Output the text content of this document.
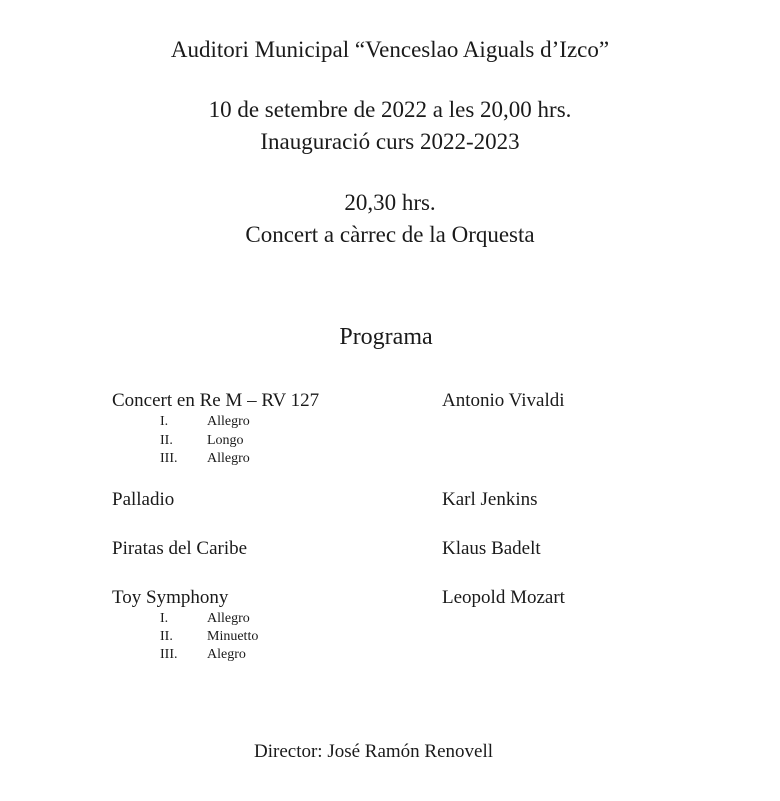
Auditori Municipal “Venceslao Aiguals d’Izco”
10 de setembre de 2022 a les 20,00 hrs.
Inauguració curs 2022-2023
20,30 hrs.
Concert a càrrec de la Orquesta
Programa
Concert en Re M – RV 127	Antonio Vivaldi
I.	Allegro
II. Longo
III. Allegro
Palladio	Karl Jenkins
Piratas del Caribe	Klaus Badelt
Toy Symphony	Leopold Mozart
I.	Allegro
II. Minuetto
III. Alegro
Director: José Ramón Renovell
